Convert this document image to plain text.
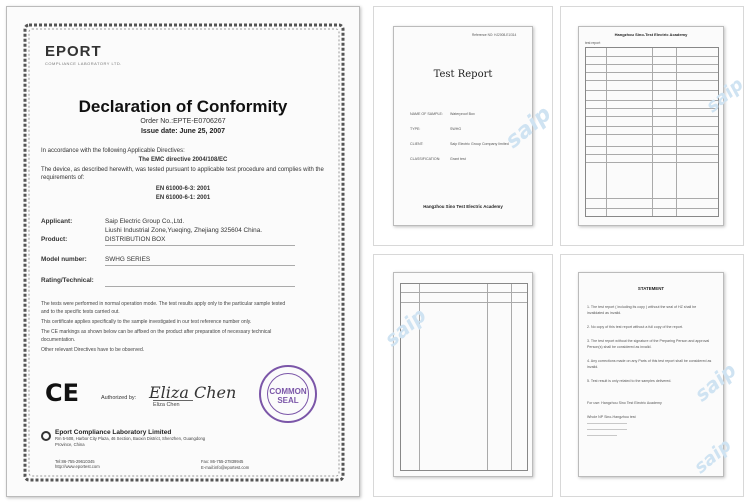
EPORT
COMPLIANCE LABORATORY LTD.
Declaration of Conformity
Order No.:EPTE-E0706267
Issue date: June 25, 2007
In accordance with the following Applicable Directives:
The EMC directive 2004/108/EC
The device, as described herewith, was tested pursuant to applicable test procedure and complies with the requirements of:
EN 61000-6-3: 2001
EN 61000-6-1: 2001
Applicant:	Saip Electric Group Co.,Ltd.
Liushi Industrial Zone,Yueqing, Zhejiang 325604 China.
Product:	DISTRIBUTION BOX
Model number:	SWHG SERIES
Rating/Technical:
The tests were performed in normal operation mode. The test results apply only to the particular sample tested
and to the specific tests carried out.
This certificate applies specifically to the sample investigated in our test reference number only.
The CE markings as shown below can be affixed on the product after preparation of necessary technical
documentation.
Other relevant Directives have to be observed.
CE	Authorized by: Eliza Chen
Eliza Chen
COMMON
SEAL
Eport Compliance Laboratory Limited
Rm 5-508, Harbor City Plaza, 46 Section, Baoxin District, Shenzhen, Guangdong
Province, China
Tel:86-755-29610345
http://www.eportest.com
Fax: 86-755-27839945
E-mail:info@eportest.com
Reference NO: HJ2008-E1/314
Test Report
NAME OF SAMPLE: Waterproof Box
TYPE:	SWHG
CLIENT:	Saip Electric Group Company limited
CLASSIFICATION:	Grant test
Hangzhou Sino Test Electric Academy
saip
Hangzhou Sino-Test Electric Academy
test report
saip
saip
STATEMENT
1. The test report ( including its copy ) without the seal of HZ shall be
invalidated as invalid.
2. No copy of this test report without a full copy of the report.
3. The test report without the signature of the Preparing Person and approval
Person(s) shall be considered as invalid.
4. Any corrections made on any Parts of this test report shall be considered as
invalid.
5. Test result is only related to the samples delivered.
For use: Hangzhou Sino Test Electric Academy
Whole NP Sino-Hangzhou test
saip
saip
